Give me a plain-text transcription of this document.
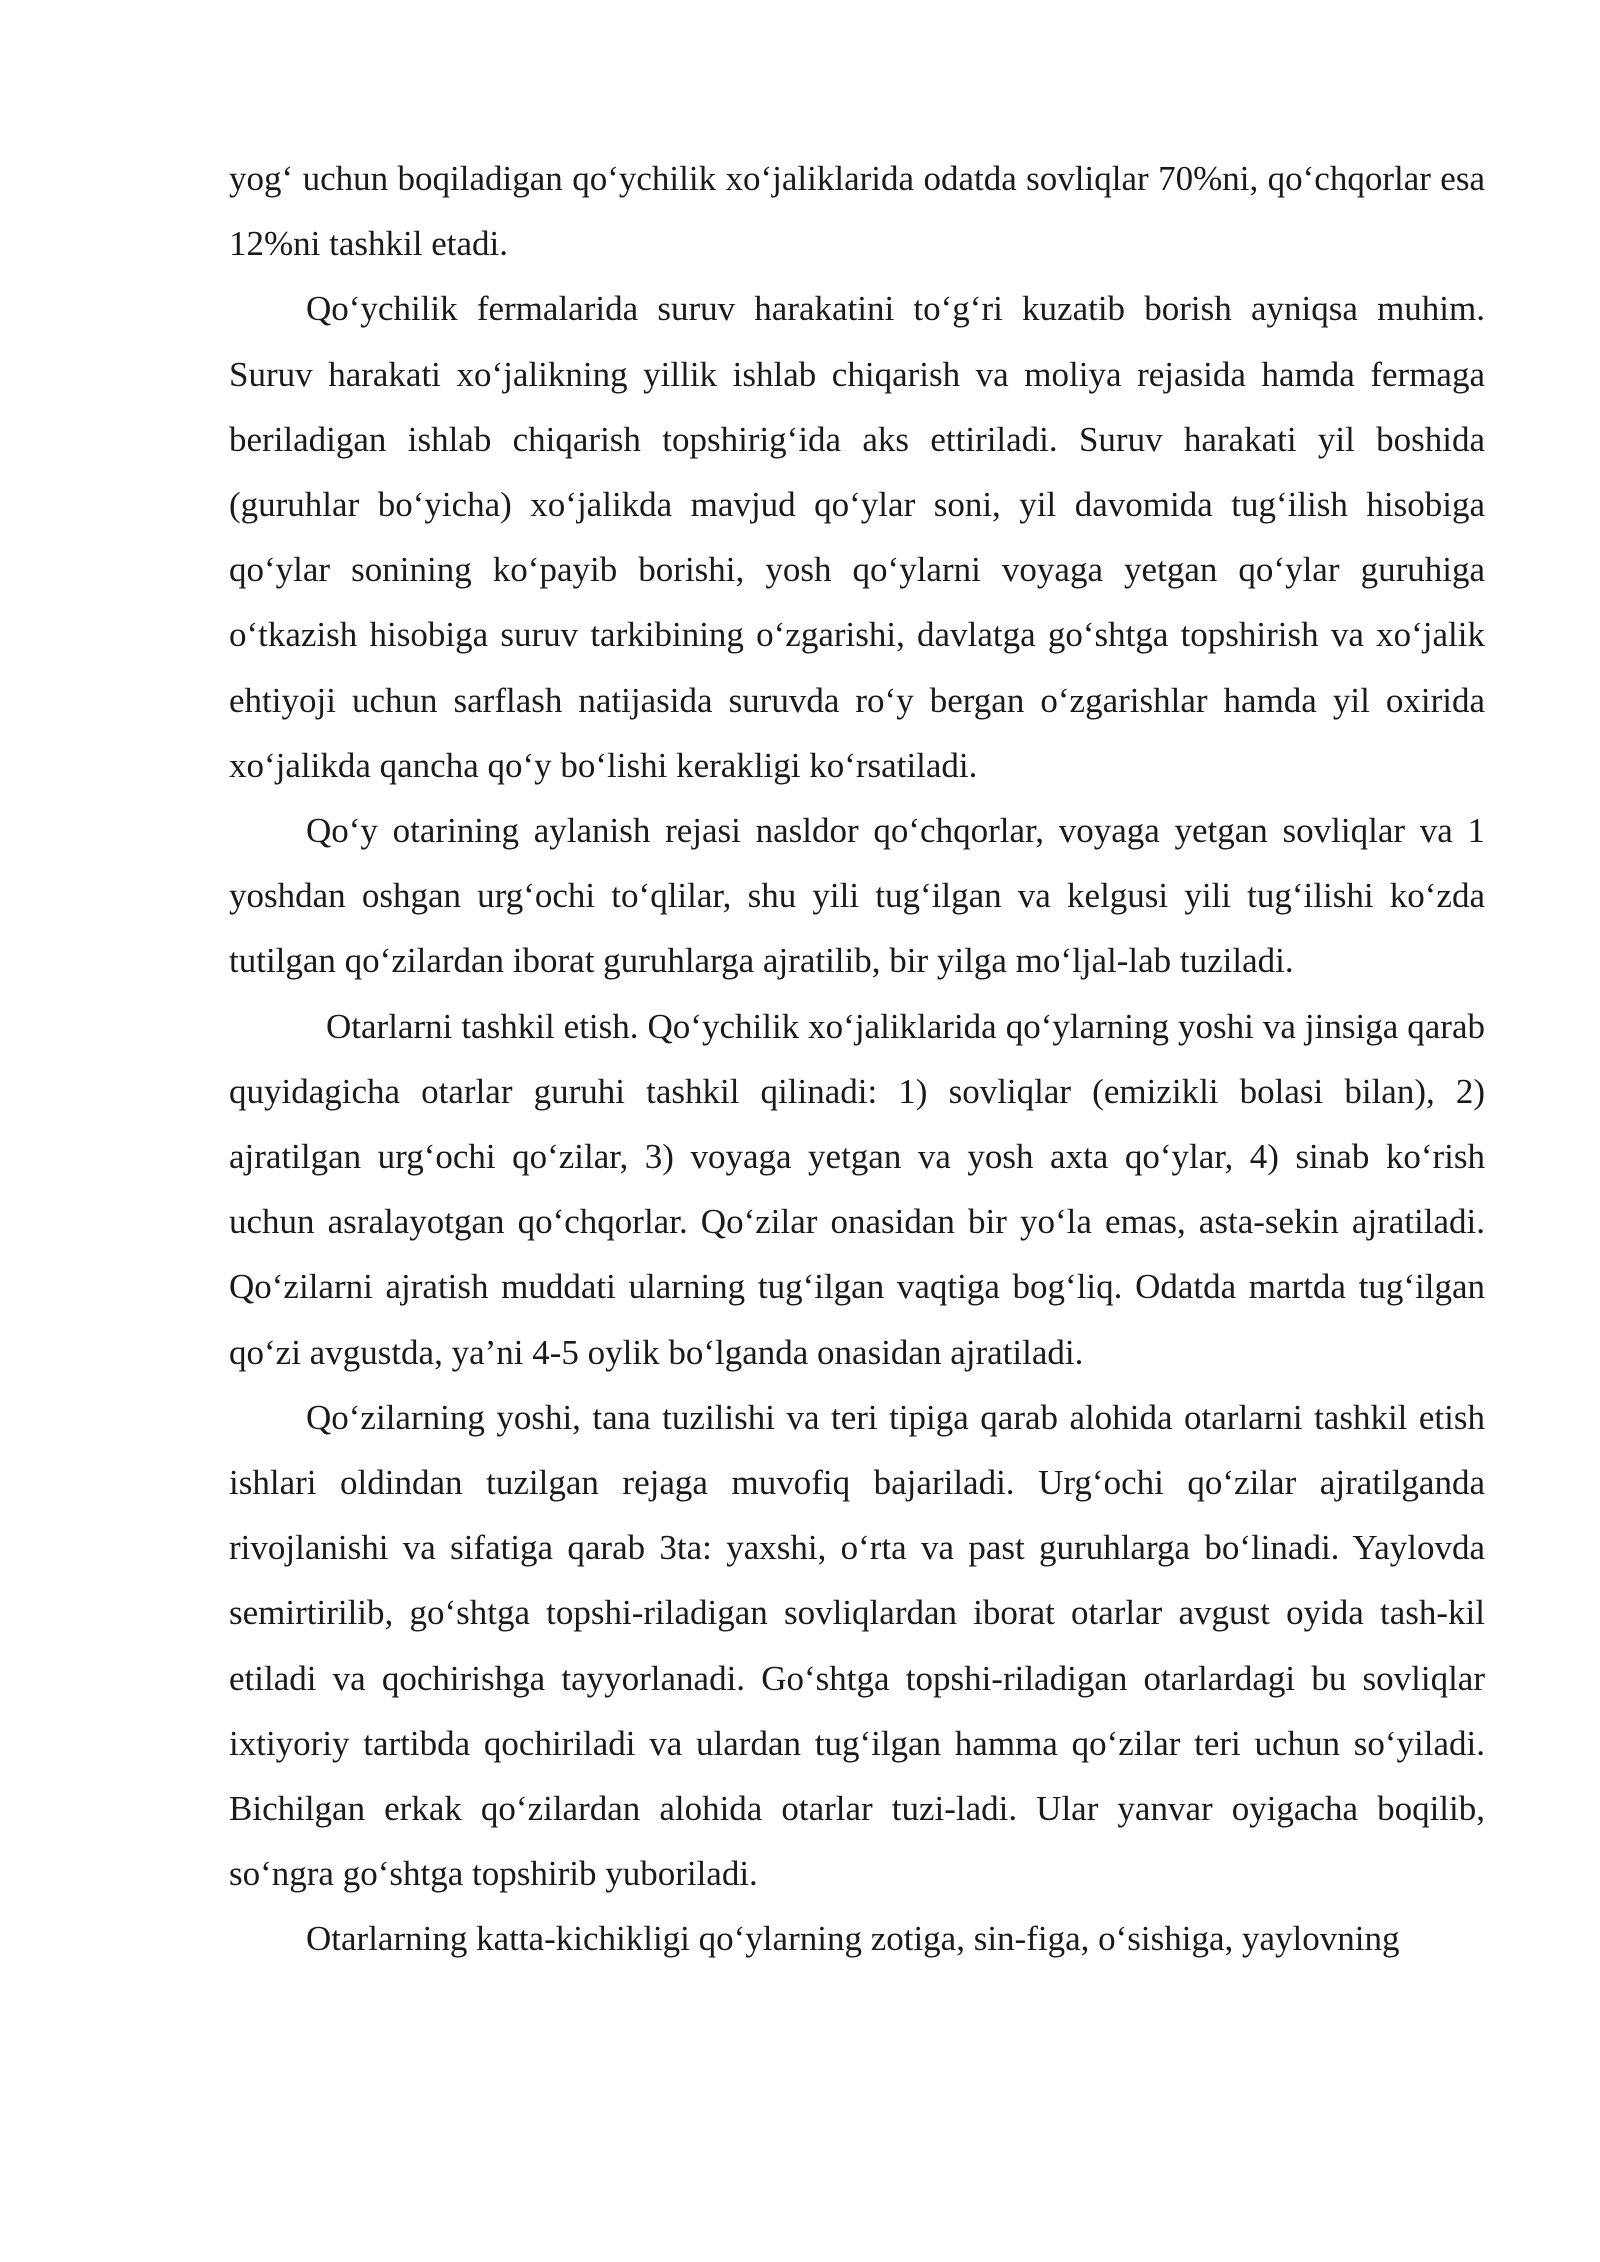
yog‘ uchun boqiladigan qo‘ychilik xo‘jaliklarida odatda sovliqlar 70%ni, qo‘chqorlar esa 12%ni tashkil etadi.

Qo‘ychilik fermalarida suruv harakatini to‘g‘ri kuzatib borish ayniqsa muhim. Suruv harakati xo‘jalikning yillik ishlab chiqarish va moliya rejasida hamda fermaga beriladigan ishlab chiqarish topshirig‘ida aks ettiriladi. Suruv harakati yil boshida (guruhlar bo‘yicha) xo‘jalikda mavjud qo‘ylar soni, yil davomida tug‘ilish hisobiga qo‘ylar sonining ko‘payib borishi, yosh qo‘ylarni voyaga yetgan qo‘ylar guruhiga o‘tkazish hisobiga suruv tarkibining o‘zgarishi, davlatga go‘shtga topshirish va xo‘jalik ehtiyoji uchun sarflash natijasida suruvda ro‘y bergan o‘zgarishlar hamda yil oxirida xo‘jalikda qancha qo‘y bo‘lishi kerakligi ko‘rsatiladi.

Qo‘y otarining aylanish rejasi nasldor qo‘chqorlar, voyaga yetgan sovliqlar va 1 yoshdan oshgan urg‘ochi to‘qlilar, shu yili tug‘ilgan va kelgusi yili tug‘ilishi ko‘zda tutilgan qo‘zilardan iborat guruhlarga ajratilib, bir yilga mo‘ljal-lab tuziladi.

Otarlarni tashkil etish. Qo‘ychilik xo‘jaliklarida qo‘ylarning yoshi va jinsiga qarab quyidagicha otarlar guruhi tashkil qilinadi: 1) sovliqlar (emizikli bolasi bilan), 2) ajratilgan urg‘ochi qo‘zilar, 3) voyaga yetgan va yosh axta qo‘ylar, 4) sinab ko‘rish uchun asralayotgan qo‘chqorlar. Qo‘zilar onasidan bir yo‘la emas, asta-sekin ajratiladi. Qo‘zilarni ajratish muddati ularning tug‘ilgan vaqtiga bog‘liq. Odatda martda tug‘ilgan qo‘zi avgustda, ya’ni 4-5 oylik bo‘lganda onasidan ajratiladi.

Qo‘zilarning yoshi, tana tuzilishi va teri tipiga qarab alohida otarlarni tashkil etish ishlari oldindan tuzilgan rejaga muvofiq bajariladi. Urg‘ochi qo‘zilar ajratilganda rivojlanishi va sifatiga qarab 3ta: yaxshi, o‘rta va past guruhlarga bo‘linadi. Yaylovda semirtirilib, go‘shtga topshi-riladigan sovliqlardan iborat otarlar avgust oyida tash-kil etiladi va qochirishga tayyorlanadi. Go‘shtga topshi-riladigan otarlardagi bu sovliqlar ixtiyoriy tartibda qochiriladi va ulardan tug‘ilgan hamma qo‘zilar teri uchun so‘yiladi. Bichilgan erkak qo‘zilardan alohida otarlar tuzi-ladi. Ular yanvar oyigacha boqilib, so‘ngra go‘shtga topshirib yuboriladi.

Otarlarning katta-kichikligi qo‘ylarning zotiga, sin-figa, o‘sishiga, yaylovning
